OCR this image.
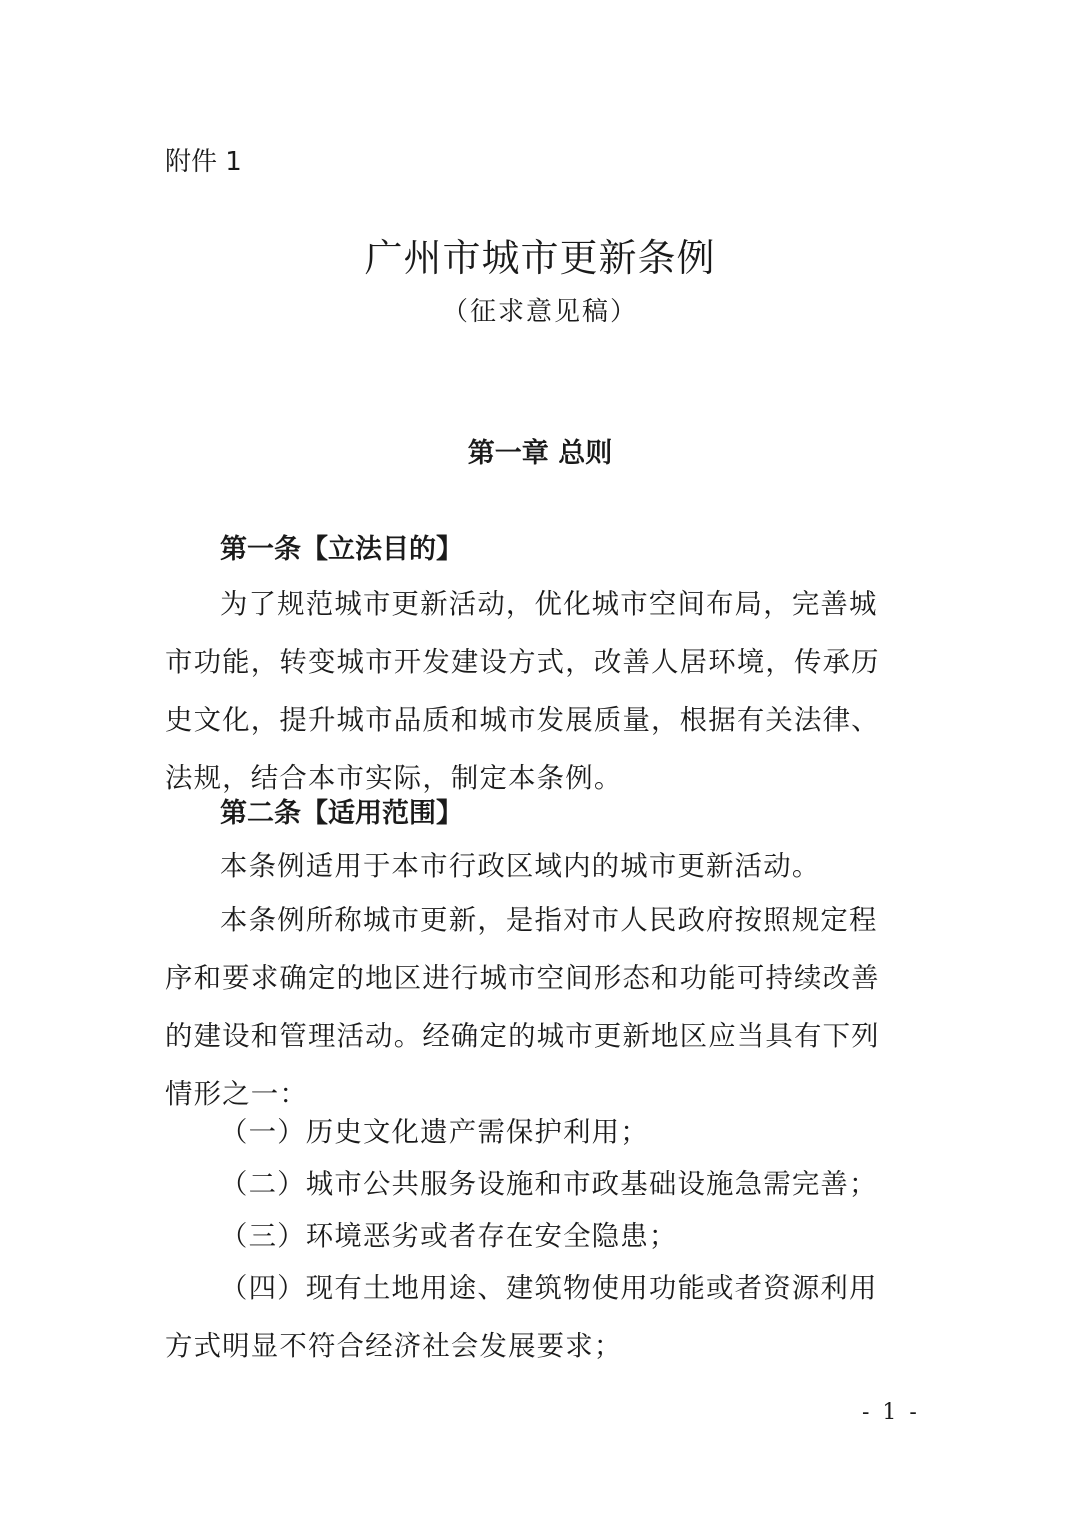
附件 1
广州市城市更新条例
（征求意见稿）
第一章 总则
第一条【立法目的】

为了规范城市更新活动，优化城市空间布局，完善城市功能，转变城市开发建设方式，改善人居环境，传承历史文化，提升城市品质和城市发展质量，根据有关法律、法规，结合本市实际，制定本条例。

第二条【适用范围】

本条例适用于本市行政区域内的城市更新活动。

本条例所称城市更新，是指对市人民政府按照规定程序和要求确定的地区进行城市空间形态和功能可持续改善的建设和管理活动。经确定的城市更新地区应当具有下列情形之一：

（一）历史文化遗产需保护利用；

（二）城市公共服务设施和市政基础设施急需完善；

（三）环境恶劣或者存在安全隐患；

（四）现有土地用途、建筑物使用功能或者资源利用方式明显不符合经济社会发展要求；

- 1 -
